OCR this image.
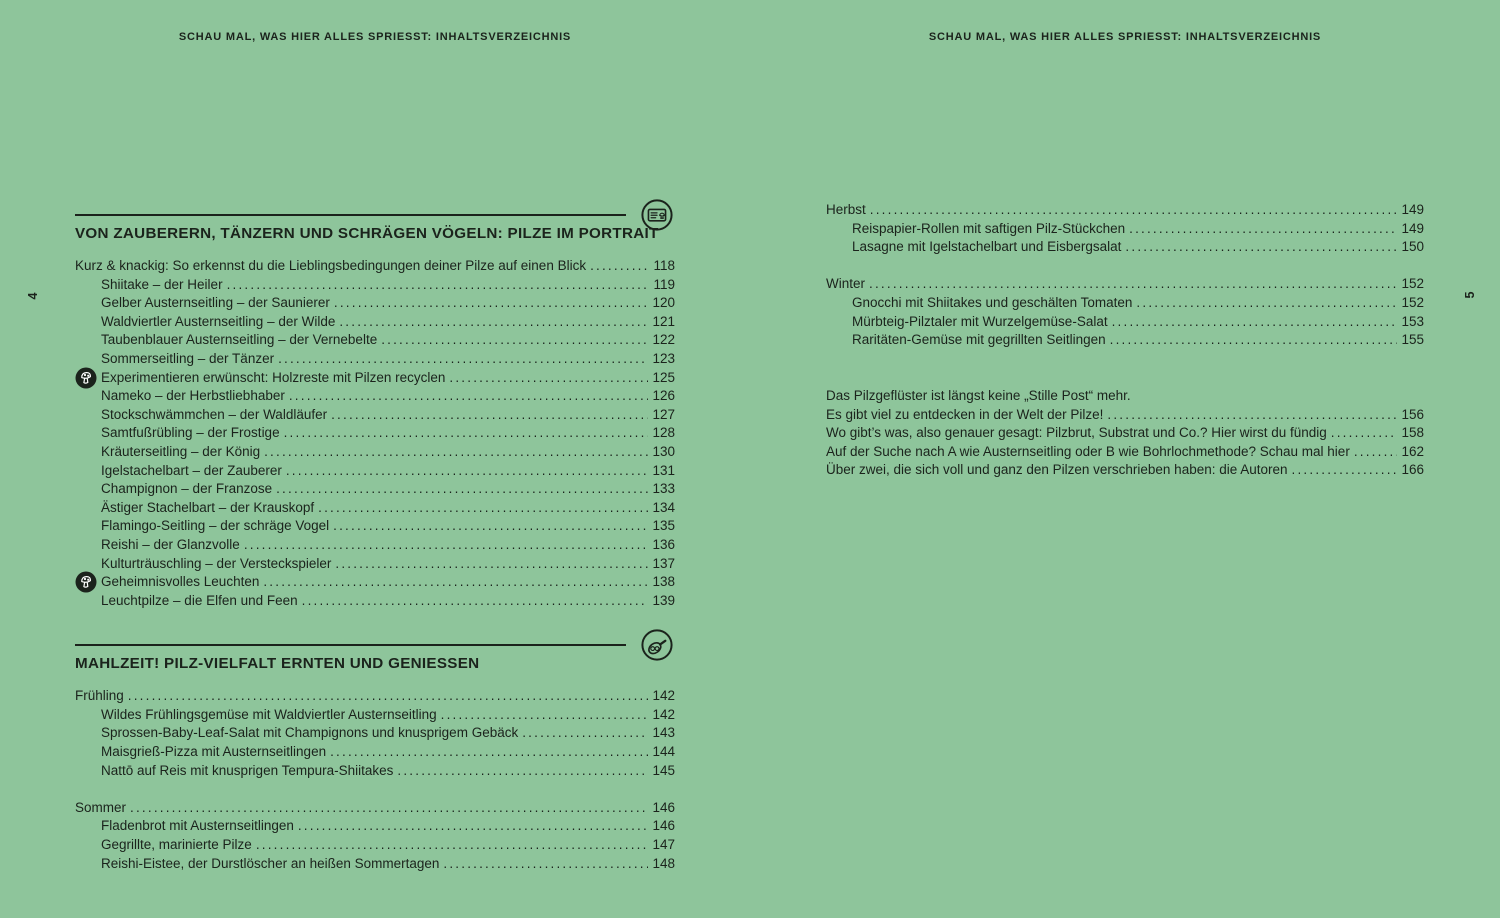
SCHAU MAL, WAS HIER ALLES SPRIESST: INHALTSVERZEICHNIS	SCHAU MAL, WAS HIER ALLES SPRIESST: INHALTSVERZEICHNIS
4	5
VON ZAUBERERN, TÄNZERN UND SCHRÄGEN VÖGELN: PILZE IM PORTRAIT
Kurz & knackig: So erkennst du die Lieblingsbedingungen deiner Pilze auf einen Blick .....	118
Shiitake – der Heiler .....	119
Gelber Austernseitling – der Saunierer .....	120
Waldviertler Austernseitling – der Wilde .....	121
Taubenblauer Austernseitling – der Vernebelte .....	122
Sommerseitling – der Tänzer .....	123
Experimentieren erwünscht: Holzreste mit Pilzen recyclen .....	125
Nameko – der Herbstliebhaber .....	126
Stockschwämmchen – der Waldläufer .....	127
Samtfußrübling – der Frostige .....	128
Kräuterseitling – der König .....	130
Igelstachelbart – der Zauberer .....	131
Champignon – der Franzose .....	133
Ästiger Stachelbart – der Krauskopf .....	134
Flamingo-Seitling – der schräge Vogel .....	135
Reishi – der Glanzvolle .....	136
Kulturträuschling – der Versteckspieler .....	137
Geheimnisvolles Leuchten .....	138
Leuchtpilze – die Elfen und Feen .....	139
MAHLZEIT! PILZ-VIELFALT ERNTEN UND GENIESSEN
Frühling .....	142
Wildes Frühlingsgemüse mit Waldviertler Austernseitling .....	142
Sprossen-Baby-Leaf-Salat mit Champignons und knusprigem Gebäck .....	143
Maisgrieß-Pizza mit Austernseitlingen .....	144
Nattō auf Reis mit knusprigen Tempura-Shiitakes .....	145
Sommer .....	146
Fladenbrot mit Austernseitlingen .....	146
Gegrillte, marinierte Pilze .....	147
Reishi-Eistee, der Durstlöscher an heißen Sommertagen .....	148
Herbst .....	149
Reispapier-Rollen mit saftigen Pilz-Stückchen .....	149
Lasagne mit Igelstachelbart und Eisbergsalat .....	150
Winter .....	152
Gnocchi mit Shiitakes und geschälten Tomaten .....	152
Mürbteig-Pilztaler mit Wurzelgemüse-Salat .....	153
Raritäten-Gemüse mit gegrillten Seitlingen .....	155
Das Pilzgeflüster ist längst keine „Stille Post“ mehr.
Es gibt viel zu entdecken in der Welt der Pilze! .....	156
Wo gibt’s was, also genauer gesagt: Pilzbrut, Substrat und Co.? Hier wirst du fündig .....	158
Auf der Suche nach A wie Austernseitling oder B wie Bohrlochmethode? Schau mal hier .....	162
Über zwei, die sich voll und ganz den Pilzen verschrieben haben: die Autoren .....	166
